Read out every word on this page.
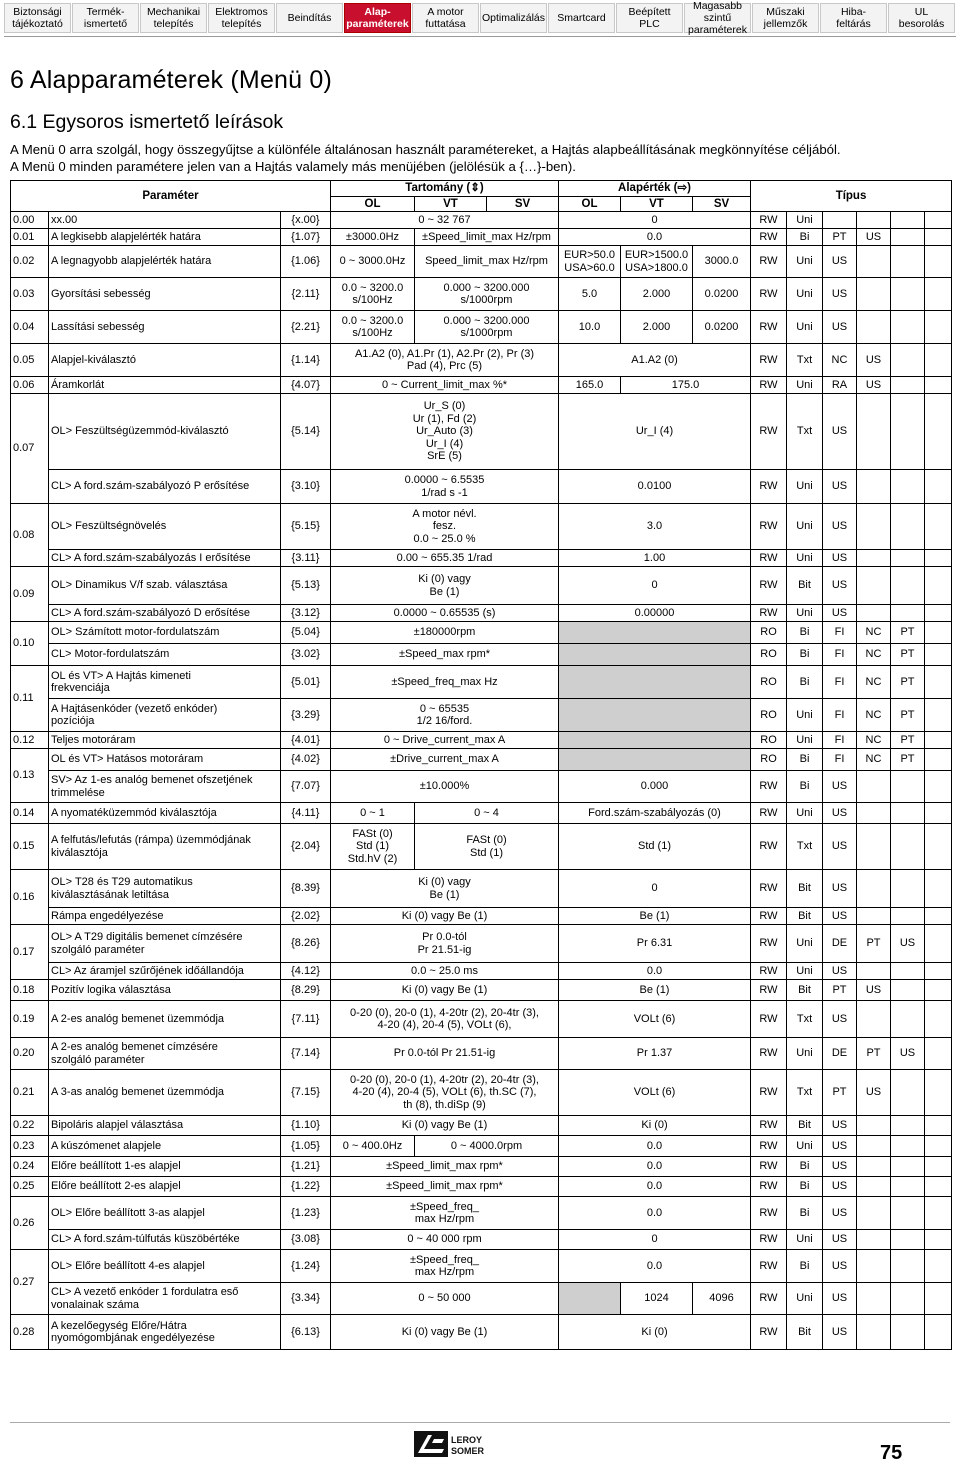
Biztonsági
tájékoztató
Termék-
ismertető
Mechanikai
telepítés
Elektromos
telepítés	Beindítás	Alap-
paraméterek
A motor
futtatása	Optimalizálás	Smartcard	Beépített
PLC
Magasabb szintű
paraméterek
Műszaki
jellemzők
Hiba-
feltárás
UL
besorolás
6 Alapparaméterek (Menü 0)
6.1 Egysoros ismertető leírások
A Menü 0 arra szolgál, hogy összegyűjtse a különféle általánosan használt paramétereket, a Hajtás alapbeállításának megkönnyítése céljából.
A Menü 0 minden paramétere jelen van a Hajtás valamely más menüjében (jelölésük a {…}-ben).
Paraméter			Tartomány (⇕)			Alapérték (⇨)			Típus					
			OL	VT	SV	OL	VT	SV						
0.00	xx.00	{x.00}	0 ~ 32 767			0			RW	Uni				
0.01	A legkisebb alapjelérték határa	{1.07}	±3000.0Hz	±Speed_limit_max Hz/rpm		0.0			RW	Bi	PT	US		
0.02	A legnagyobb alapjelérték határa	{1.06}	0 ~ 3000.0Hz	Speed_limit_max Hz/rpm		EUR>50.0
USA>60.0	EUR>1500.0
USA>1800.0	3000.0	RW	Uni	US			
0.03	Gyorsítási sebesség	{2.11}	0.0 ~ 3200.0
s/100Hz	0.000 ~ 3200.000
s/1000rpm		5.0	2.000	0.0200	RW	Uni	US			
0.04	Lassítási sebesség	{2.21}	0.0 ~ 3200.0
s/100Hz	0.000 ~ 3200.000
s/1000rpm		10.0	2.000	0.0200	RW	Uni	US			
0.05	Alapjel-kiválasztó	{1.14}	A1.A2 (0), A1.Pr (1), A2.Pr (2), Pr (3)
Pad (4), Prc (5)			A1.A2 (0)			RW	Txt	NC	US		
0.06	Áramkorlát	{4.07}	0 ~ Current_limit_max %*			165.0	175.0		RW	Uni	RA	US		
0.07	OL> Feszültségüzemmód-kiválasztó	{5.14}	Ur_S (0)
Ur (1), Fd (2)
Ur_Auto (3)
Ur_I (4)
SrE (5)			Ur_I (4)			RW	Txt	US			
	CL> A ford.szám-szabályozó P erősítése	{3.10}	0.0000 ~ 6.5535
1/rad s -1			0.0100			RW	Uni	US			
0.08	OL> Feszültségnövelés	{5.15}	A motor névl.
fesz.
0.0 ~ 25.0 %			3.0			RW	Uni	US			
	CL> A ford.szám-szabályozás I erősítése	{3.11}	0.00 ~ 655.35 1/rad			1.00			RW	Uni	US			
0.09	OL> Dinamikus V/f szab. választása	{5.13}	Ki (0) vagy
Be (1)			0			RW	Bit	US			
	CL> A ford.szám-szabályozó D erősítése	{3.12}	0.0000 ~ 0.65535 (s)			0.00000			RW	Uni	US			
0.10	OL> Számított motor-fordulatszám	{5.04}	±180000rpm						RO	Bi	FI	NC	PT	
	CL> Motor-fordulatszám	{3.02}	±Speed_max rpm*						RO	Bi	FI	NC	PT	
0.11	OL és VT> A Hajtás kimeneti
frekvenciája	{5.01}	±Speed_freq_max Hz						RO	Bi	FI	NC	PT	
	A Hajtásenkóder (vezető enkóder)
pozíciója	{3.29}	0 ~ 65535
1/2 16/ford.						RO	Uni	FI	NC	PT	
0.12	Teljes motoráram	{4.01}	0 ~ Drive_current_max A						RO	Uni	FI	NC	PT	
0.13	OL és VT> Hatásos motoráram	{4.02}	±Drive_current_max A						RO	Bi	FI	NC	PT	
	SV> Az 1-es analóg bemenet ofszetjének
trimmelése	{7.07}	±10.000%			0.000			RW	Bi	US			
0.14	A nyomatéküzemmód kiválasztója	{4.11}	0 ~ 1	0 ~ 4		Ford.szám-szabályozás (0)			RW	Uni	US			
0.15	A felfutás/lefutás (rámpa) üzemmódjának
kiválasztója	{2.04}	FASt (0)
Std (1)
Std.hV (2)	FASt (0)
Std (1)		Std (1)			RW	Txt	US			
0.16	OL> T28 és T29 automatikus
kiválasztásának letiltása	{8.39}	Ki (0) vagy
Be (1)			0			RW	Bit	US			
	Rámpa engedélyezése	{2.02}	Ki (0) vagy Be (1)			Be (1)			RW	Bit	US			
0.17	OL> A T29 digitális bemenet címzésére
szolgáló paraméter	{8.26}	Pr 0.0-tól
Pr 21.51-ig			Pr 6.31			RW	Uni	DE	PT	US	
	CL> Az áramjel szűrőjének időállandója	{4.12}	0.0 ~ 25.0 ms			0.0			RW	Uni	US			
0.18	Pozitív logika választása	{8.29}	Ki (0) vagy Be (1)			Be (1)			RW	Bit	PT	US		
0.19	A 2-es analóg bemenet üzemmódja	{7.11}	0-20 (0), 20-0 (1), 4-20tr (2), 20-4tr (3),
4-20 (4), 20-4 (5), VOLt (6),			VOLt (6)			RW	Txt	US			
0.20	A 2-es analóg bemenet címzésére
szolgáló paraméter	{7.14}	Pr 0.0-tól Pr 21.51-ig			Pr 1.37			RW	Uni	DE	PT	US	
0.21	A 3-as analóg bemenet üzemmódja	{7.15}	0-20 (0), 20-0 (1), 4-20tr (2), 20-4tr (3),
4-20 (4), 20-4 (5), VOLt (6), th.SC (7),
th (8), th.diSp (9)			VOLt (6)			RW	Txt	PT	US		
0.22	Bipoláris alapjel választása	{1.10}	Ki (0) vagy Be (1)			Ki (0)			RW	Bit	US			
0.23	A kúszómenet alapjele	{1.05}	0 ~ 400.0Hz	0 ~ 4000.0rpm		0.0			RW	Uni	US			
0.24	Előre beállított 1-es alapjel	{1.21}	±Speed_limit_max rpm*			0.0			RW	Bi	US			
0.25	Előre beállított 2-es alapjel	{1.22}	±Speed_limit_max rpm*			0.0			RW	Bi	US			
0.26	OL> Előre beállított 3-as alapjel	{1.23}	±Speed_freq_
max Hz/rpm			0.0			RW	Bi	US			
	CL> A ford.szám-túlfutás küszöbértéke	{3.08}	0 ~ 40 000 rpm			0			RW	Uni	US			
0.27	OL> Előre beállított 4-es alapjel	{1.24}	±Speed_freq_
max Hz/rpm			0.0			RW	Bi	US			
	CL> A vezető enkóder 1 fordulatra eső
vonalainak száma	{3.34}	0 ~ 50 000				1024	4096	RW	Uni	US			
0.28	A kezelőegység Előre/Hátra
nyomógombjának engedélyezése	{6.13}	Ki (0) vagy Be (1)			Ki (0)			RW	Bit	US			
LEROY
SOMER	75
